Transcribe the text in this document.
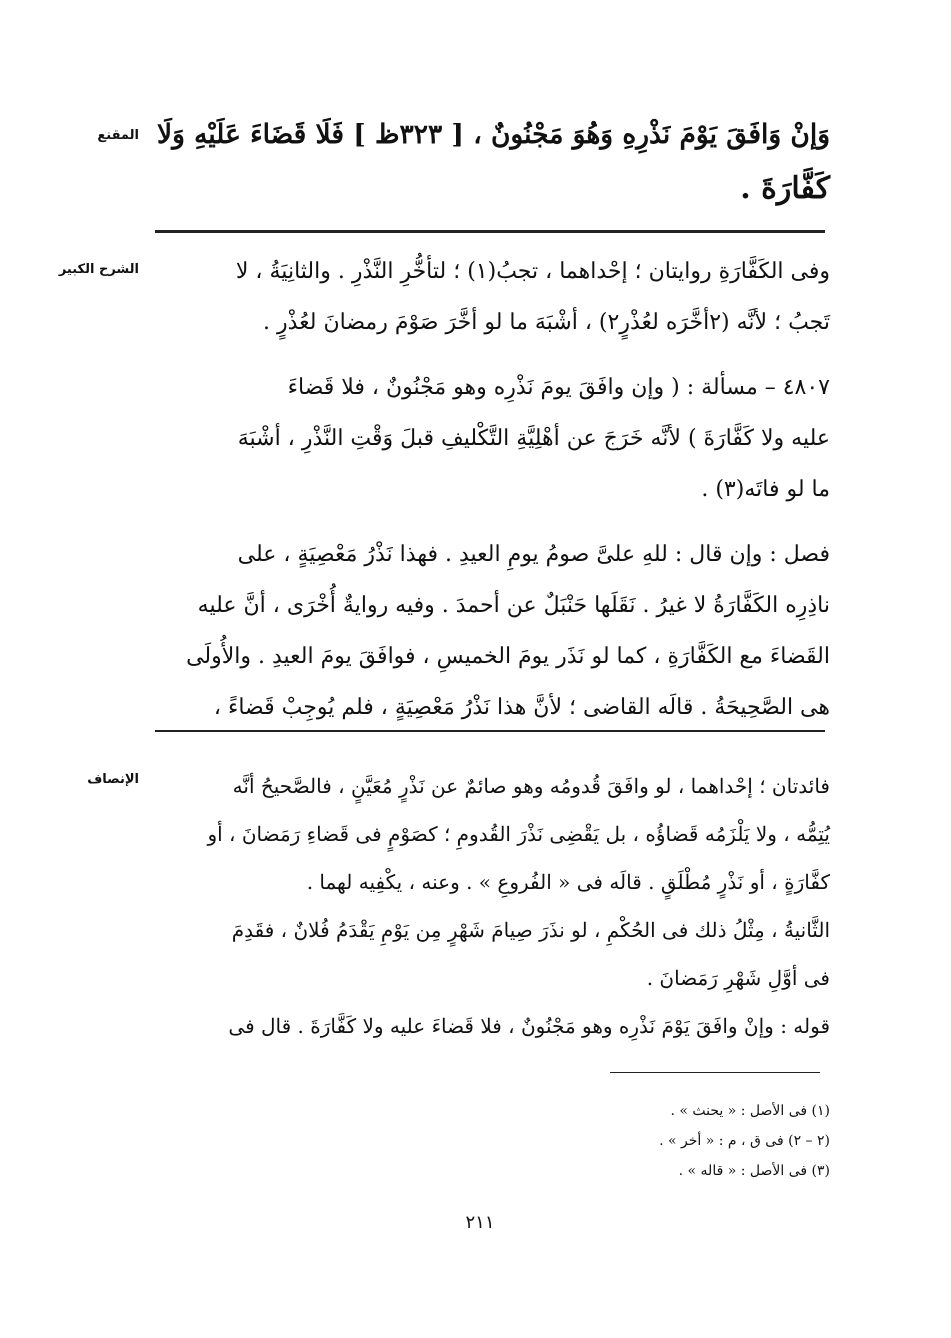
المقنع وَإنْ وَافَقَ يَوْمَ نَذْرِهِ وَهُوَ مَجْنُونٌ ، [ ٣٢٣ظ ] فَلَا قَضَاءَ عَلَيْهِ وَلَا
كَفَّارَةَ .
الشرح الكبير	وفى الكَفَّارَةِ روايتان ؛ إحْداهما ، تجبُ(١) ؛ لتأخُّرِ النَّذْرِ . والثانِيَةُ ، لا
تَجبُ ؛ لأنَّه (٢أخَّرَه لعُذْرٍ٢) ، أشْبَهَ ما لو أخَّرَ صَوْمَ رمضانَ لعُذْرٍ .
٤٨٠٧ – مسألة : ( وإن وافَقَ يومَ نَذْرِه وهو مَجْنُونٌ ، فلا قَضاءَ
عليه ولا كَفَّارَةَ ) لأنَّه خَرَجَ عن أهْلِيَّةِ التَّكْليفِ قبلَ وَقْتِ النَّذْرِ ، أشْبَهَ
ما لو فاتَه(٣) .
فصل : وإن قال : للهِ علىَّ صومُ يومِ العيدِ . فهذا نَذْرُ مَعْصِيَةٍ ، على
ناذِرِه الكَفَّارَةُ لا غيرُ . نَقَلَها حَنْبَلٌ عن أحمدَ . وفيه روايةٌ أُخْرَى ، أنَّ عليه
القَضاءَ مع الكَفَّارَةِ ، كما لو نَذَر يومَ الخميسِ ، فوافَقَ يومَ العيدِ . والأُولَى
هى الصَّحِيحَةُ . قالَه القاضى ؛ لأنَّ هذا نَذْرُ مَعْصِيَةٍ ، فلم يُوجِبْ قَضاءً ،
الإنصاف	فائدتان ؛ إحْداهما ، لو وافَقَ قُدومُه وهو صائمٌ عن نَذْرٍ مُعَيَّنٍ ، فالصَّحيحُ أنَّه
يُتِمُّه ، ولا يَلْزَمُه قَضاؤُه ، بل يَقْضِى نَذْرَ القُدومِ ؛ كصَوْمٍ فى قَضاءِ رَمَضانَ ، أو
كفَّارَةٍ ، أو نَذْرٍ مُطْلَقٍ . قالَه فى « الفُروعِ » . وعنه ، يكْفِيه لهما .
الثَّانيةُ ، مِثْلُ ذلك فى الحُكْمِ ، لو نذَرَ صِيامَ شَهْرٍ مِن يَوْمِ يَقْدَمُ فُلانٌ ، فقَدِمَ
فى أوَّلِ شَهْرِ رَمَضانَ .
قوله : وإنْ وافَقَ يَوْمَ نَذْرِه وهو مَجْنُونٌ ، فلا قَضاءَ عليه ولا كَفَّارَةَ . قال فى
(١) فى الأصل : « يحنث » .
(٢ – ٢) فى ق ، م : « أخر » .
(٣) فى الأصل : « قاله » .
٢١١
